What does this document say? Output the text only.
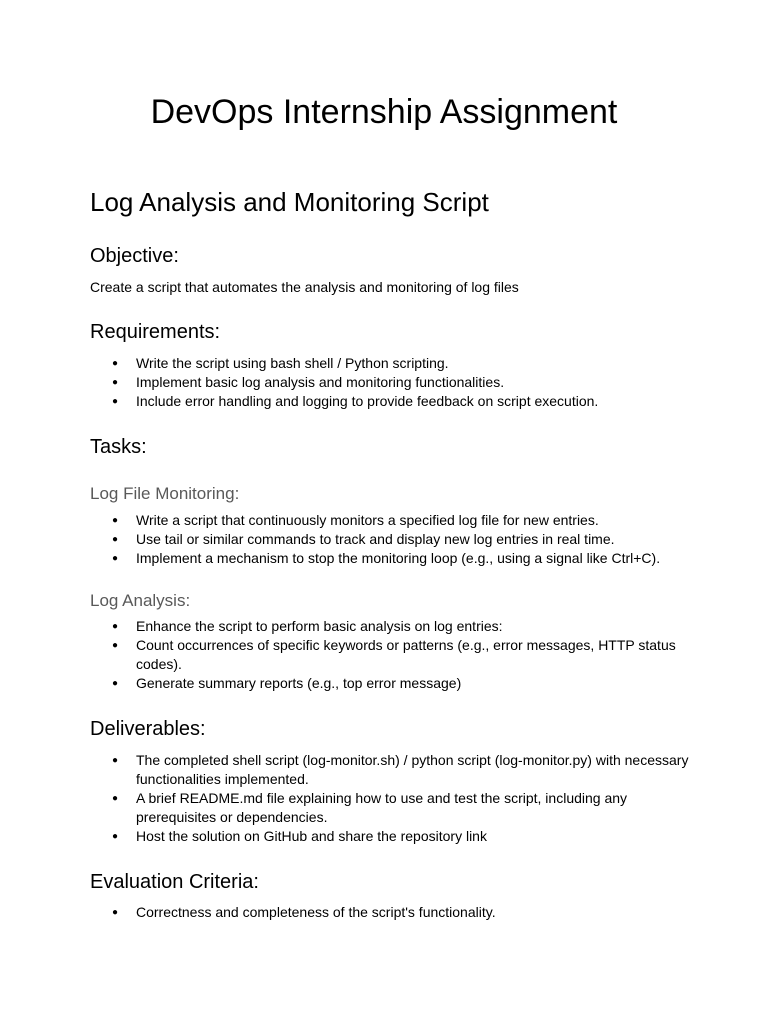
DevOps Internship Assignment
Log Analysis and Monitoring Script
Objective:

Create a script that automates the analysis and monitoring of log files

Requirements:
● Write the script using bash shell / Python scripting.
● Implement basic log analysis and monitoring functionalities.
● Include error handling and logging to provide feedback on script execution.
Tasks:
Log File Monitoring:
● Write a script that continuously monitors a specified log file for new entries.
● Use tail or similar commands to track and display new log entries in real time.
● Implement a mechanism to stop the monitoring loop (e.g., using a signal like Ctrl+C).
Log Analysis:
● Enhance the script to perform basic analysis on log entries:
● Count occurrences of specific keywords or patterns (e.g., error messages, HTTP status codes).
● Generate summary reports (e.g., top error message)
Deliverables:
● The completed shell script (log-monitor.sh) / python script (log-monitor.py) with necessary functionalities implemented.
● A brief README.md file explaining how to use and test the script, including any prerequisites or dependencies.
● Host the solution on GitHub and share the repository link
Evaluation Criteria:
● Correctness and completeness of the script's functionality.
